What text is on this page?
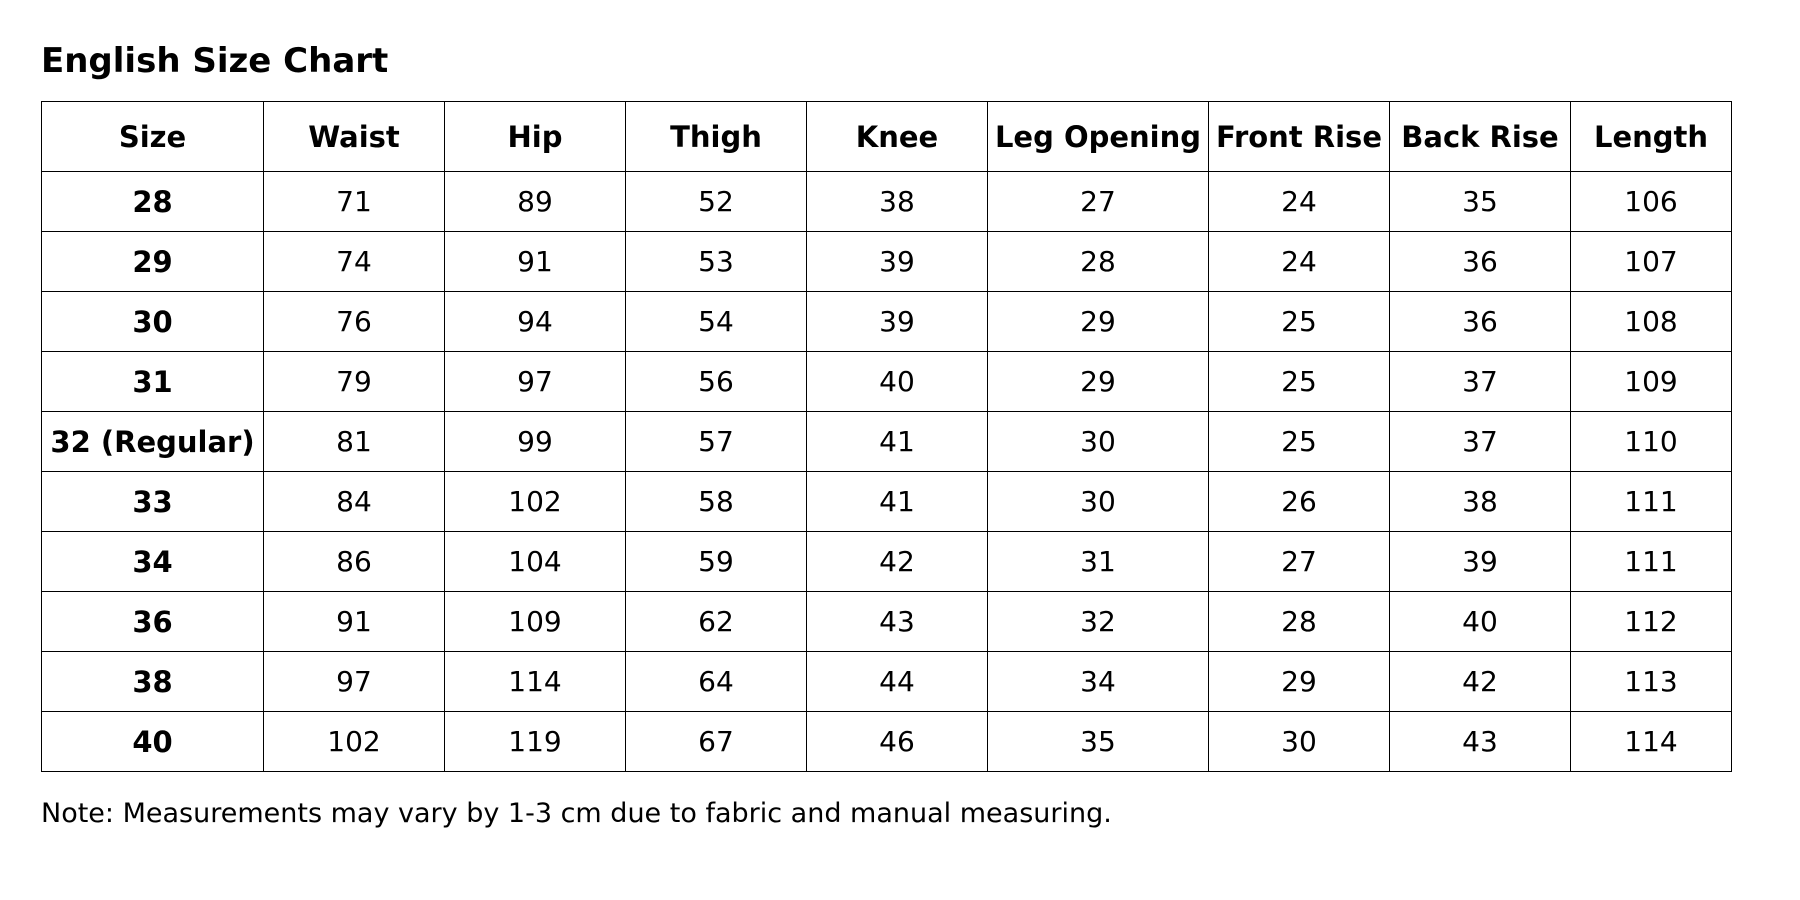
English Size Chart
Size	Waist	Hip	Thigh	Knee	Leg Opening	Front Rise	Back Rise	Length
28	71	89	52	38	27	24	35	106
29	74	91	53	39	28	24	36	107
30	76	94	54	39	29	25	36	108
31	79	97	56	40	29	25	37	109
32 (Regular)	81	99	57	41	30	25	37	110
33	84	102	58	41	30	26	38	111
34	86	104	59	42	31	27	39	111
36	91	109	62	43	32	28	40	112
38	97	114	64	44	34	29	42	113
40	102	119	67	46	35	30	43	114

Note: Measurements may vary by 1-3 cm due to fabric and manual measuring.
